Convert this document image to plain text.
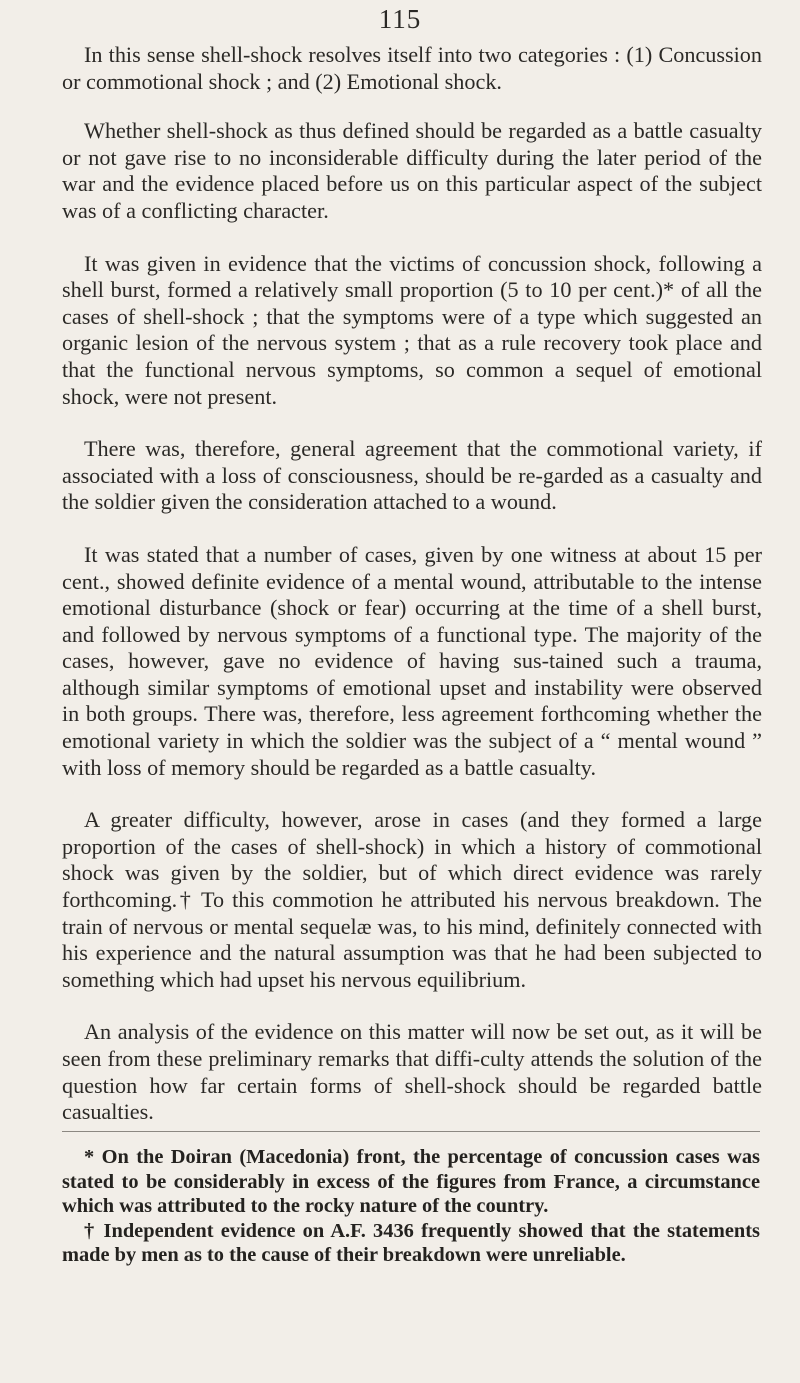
115

In this sense shell-shock resolves itself into two categories : (1) Concussion or commotional shock ; and (2) Emotional shock.

Whether shell-shock as thus defined should be regarded as a battle casualty or not gave rise to no inconsiderable difficulty during the later period of the war and the evidence placed before us on this particular aspect of the subject was of a conflicting character.

It was given in evidence that the victims of concussion shock, following a shell burst, formed a relatively small proportion (5 to 10 per cent.)* of all the cases of shell-shock ; that the symptoms were of a type which suggested an organic lesion of the nervous system ; that as a rule recovery took place and that the functional nervous symptoms, so common a sequel of emotional shock, were not present.

There was, therefore, general agreement that the commotional variety, if associated with a loss of consciousness, should be re-garded as a casualty and the soldier given the consideration attached to a wound.

It was stated that a number of cases, given by one witness at about 15 per cent., showed definite evidence of a mental wound, attributable to the intense emotional disturbance (shock or fear) occurring at the time of a shell burst, and followed by nervous symptoms of a functional type. The majority of the cases, however, gave no evidence of having sus-tained such a trauma, although similar symptoms of emotional upset and instability were observed in both groups. There was, therefore, less agreement forthcoming whether the emotional variety in which the soldier was the subject of a “ mental wound ” with loss of memory should be regarded as a battle casualty.

A greater difficulty, however, arose in cases (and they formed a large proportion of the cases of shell-shock) in which a history of commotional shock was given by the soldier, but of which direct evidence was rarely forthcoming.† To this commotion he attributed his nervous breakdown. The train of nervous or mental sequelæ was, to his mind, definitely connected with his experience and the natural assumption was that he had been subjected to something which had upset his nervous equilibrium.

An analysis of the evidence on this matter will now be set out, as it will be seen from these preliminary remarks that diffi-culty attends the solution of the question how far certain forms of shell-shock should be regarded battle casualties.

* On the Doiran (Macedonia) front, the percentage of concussion cases was stated to be considerably in excess of the figures from France, a circumstance which was attributed to the rocky nature of the country.

† Independent evidence on A.F. 3436 frequently showed that the statements made by men as to the cause of their breakdown were unreliable.
